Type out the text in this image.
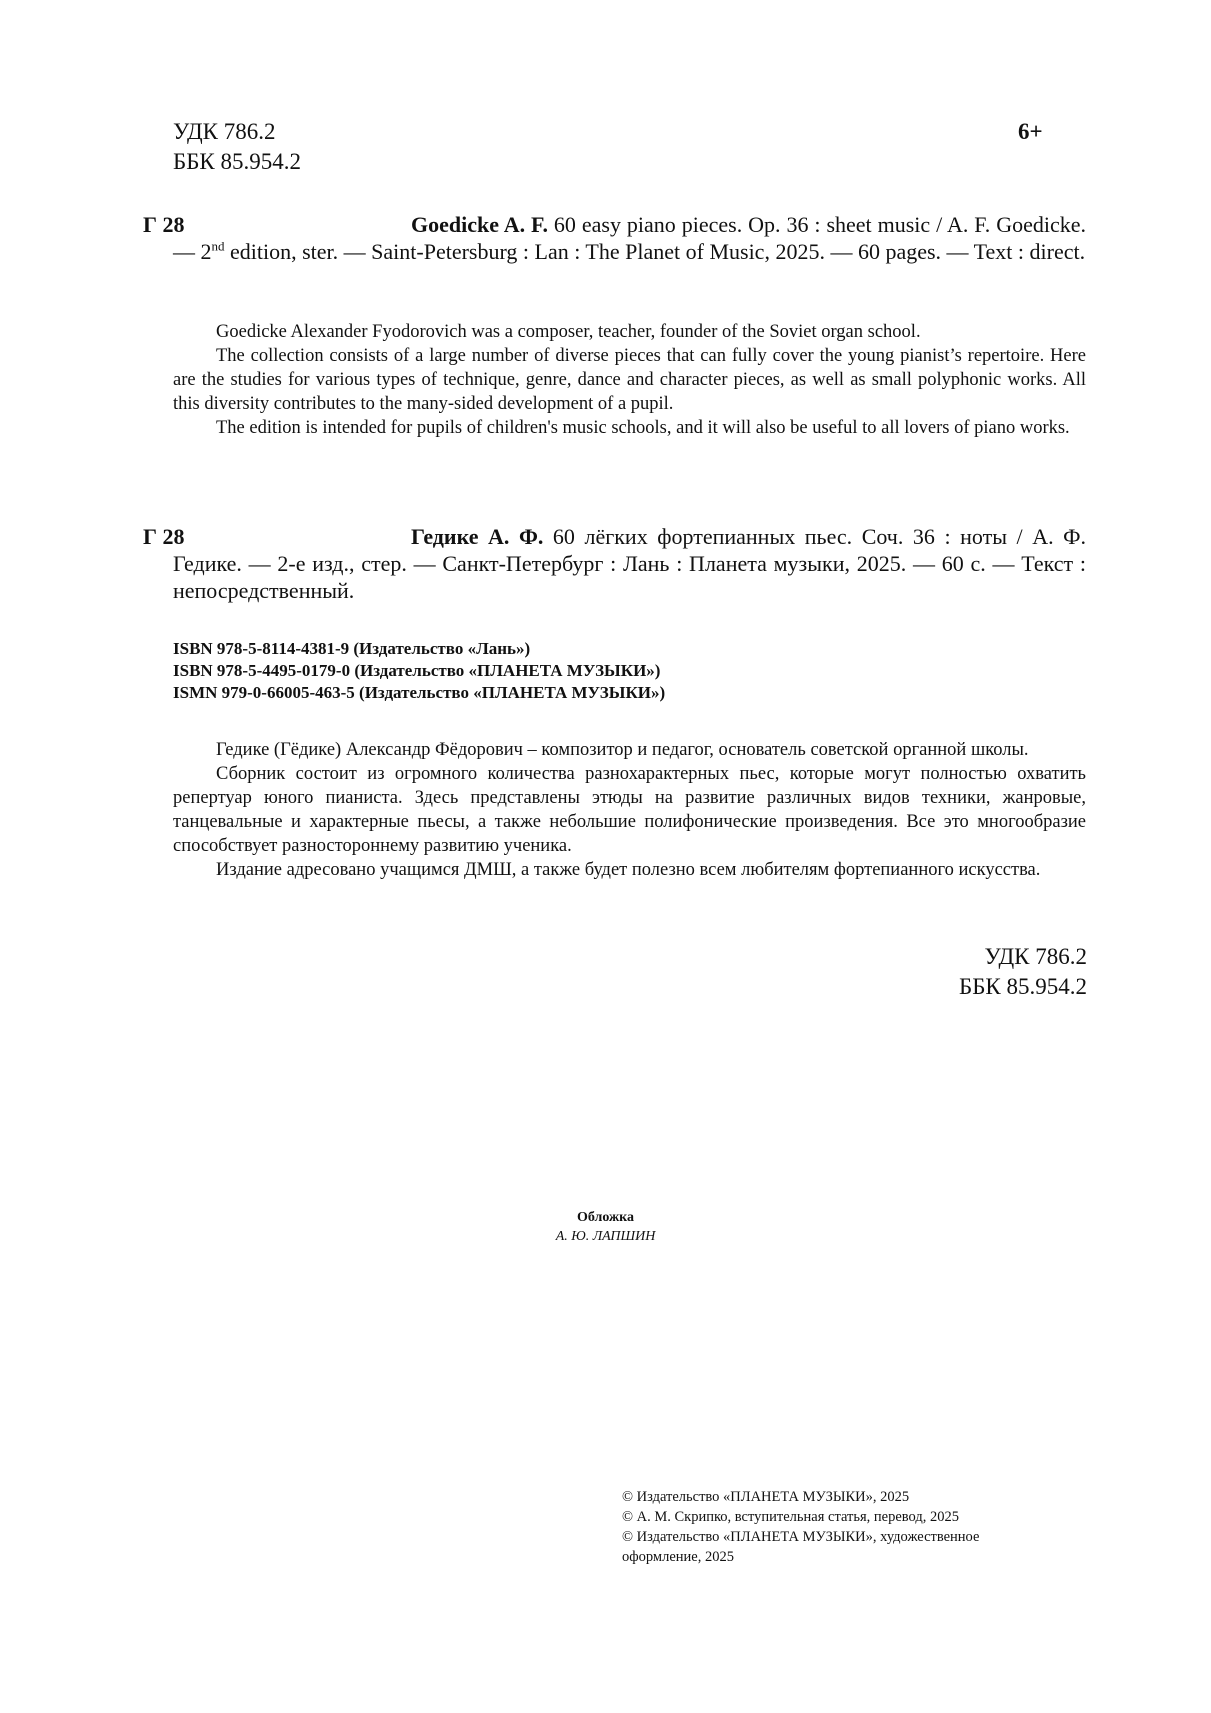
УДК 786.2
ББК 85.954.2
6+
Г 28	Goedicke A. F. 60 easy piano pieces. Op. 36 : sheet music / A. F. Goedicke. — 2nd edition, ster. — Saint-Petersburg : Lan : The Planet of Music, 2025. — 60 pages. — Text : direct.

Goedicke Alexander Fyodorovich was a composer, teacher, founder of the Soviet organ school.

The collection consists of a large number of diverse pieces that can fully cover the young pianist’s repertoire. Here are the studies for various types of technique, genre, dance and character pieces, as well as small polyphonic works. All this diversity contributes to the many-sided development of a pupil.

The edition is intended for pupils of children's music schools, and it will also be useful to all lovers of piano works.

Г 28	Гедике А. Ф. 60 лёгких фортепианных пьес. Соч. 36 : ноты / А. Ф. Гедике. — 2-е изд., стер. — Санкт-Петербург : Лань : Планета музыки, 2025. — 60 с. — Текст : непосредственный.
ISBN 978-5-8114-4381-9 (Издательство «Лань»)
ISBN 978-5-4495-0179-0 (Издательство «ПЛАНЕТА МУЗЫКИ»)
ISMN 979-0-66005-463-5 (Издательство «ПЛАНЕТА МУЗЫКИ»)

Гедике (Гёдике) Александр Фёдорович – композитор и педагог, основатель советской органной школы.

Сборник состоит из огромного количества разнохарактерных пьес, которые могут полностью охватить репертуар юного пианиста. Здесь представлены этюды на развитие различных видов техники, жанровые, танцевальные и характерные пьесы, а также небольшие полифонические произведения. Все это многообразие способствует разностороннему развитию ученика.

Издание адресовано учащимся ДМШ, а также будет полезно всем любителям фортепианного искусства.

УДК 786.2
ББК 85.954.2
Обложка
А. Ю. ЛАПШИН
© Издательство «ПЛАНЕТА МУЗЫКИ», 2025
© А. М. Скрипко, вступительная статья, перевод, 2025
© Издательство «ПЛАНЕТА МУЗЫКИ», художественное оформление, 2025
